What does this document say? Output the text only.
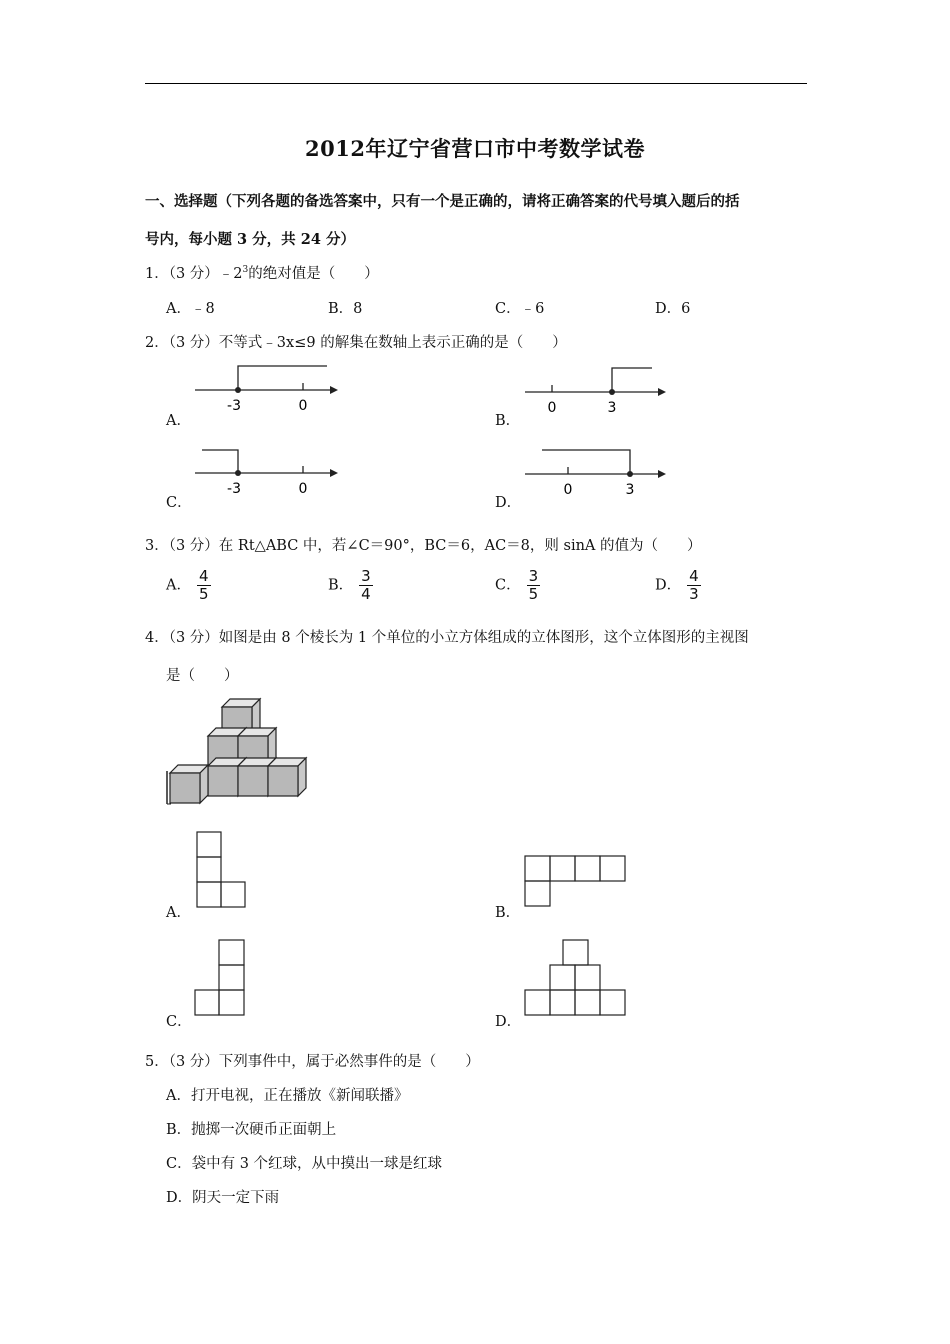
2012年辽宁省营口市中考数学试卷
一、选择题（下列各题的备选答案中，只有一个是正确的，请将正确答案的代号填入题后的括
号内，每小题 3 分，共 24 分）
1．（3 分）$﹣2^3$的绝对值是（　　）
A．﹣8	B．8	C．﹣6	D．6
2．（3 分）不等式﹣3x≤9 的解集在数轴上表示正确的是（　　）
A．	B．
C．	D．
-3	0	0	3
-3	0	0	3
3．（3 分）在 Rt△ABC 中，若∠C＝90°，BC＝6，AC＝8，则 sinA 的值为（　　）
A． $\frac{4}{5}$	B． $\frac{3}{4}$	C． $\frac{3}{5}$	D． $\frac{4}{3}$
4．（3 分）如图是由 8 个棱长为 1 个单位的小立方体组成的立体图形，这个立体图形的主视图
是（　　）
A．	B．
C．	D．
5．（3 分）下列事件中，属于必然事件的是（　　）
A．打开电视，正在播放《新闻联播》
B．抛掷一次硬币正面朝上
C．袋中有 3 个红球，从中摸出一球是红球
D．阴天一定下雨
